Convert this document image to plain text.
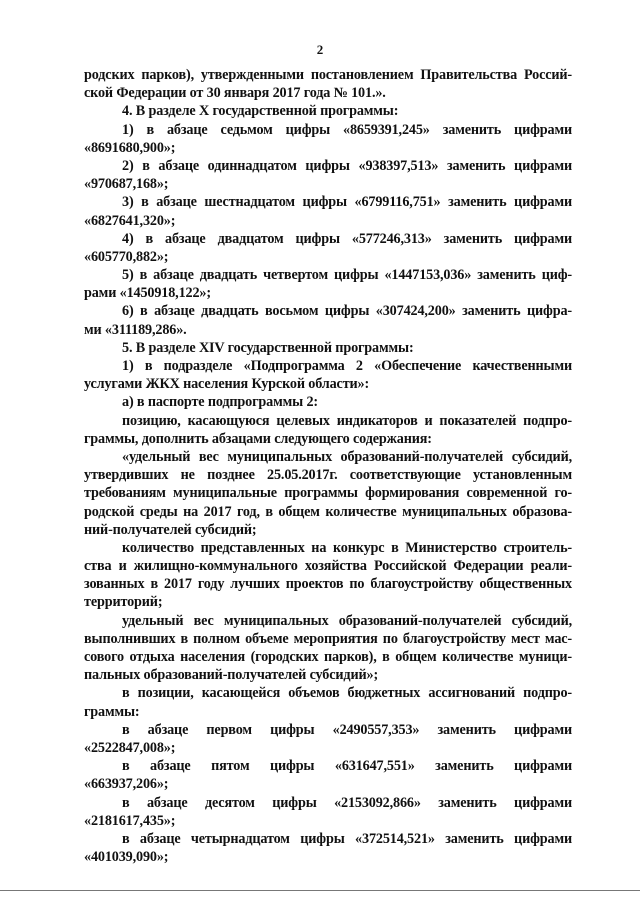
2
родских парков), утвержденными постановлением Правительства Россий-
ской Федерации от 30 января 2017 года № 101.».
4. В разделе X государственной программы:
1) в абзаце седьмом цифры «8659391,245» заменить цифрами
«8691680,900»;
2) в абзаце одиннадцатом цифры «938397,513» заменить цифрами
«970687,168»;
3) в абзаце шестнадцатом цифры «6799116,751» заменить цифрами
«6827641,320»;
4) в абзаце двадцатом цифры «577246,313» заменить цифрами
«605770,882»;
5) в абзаце двадцать четвертом цифры «1447153,036» заменить циф-
рами «1450918,122»;
6) в абзаце двадцать восьмом цифры «307424,200» заменить цифра-
ми «311189,286».
5. В разделе XIV государственной программы:
1) в подразделе «Подпрограмма 2 «Обеспечение качественными
услугами ЖКХ населения Курской области»:
а) в паспорте подпрограммы 2:
позицию, касающуюся целевых индикаторов и показателей подпро-
граммы, дополнить абзацами следующего содержания:
«удельный вес муниципальных образований-получателей субсидий,
утвердивших не позднее 25.05.2017г. соответствующие установленным
требованиям муниципальные программы формирования современной го-
родской среды на 2017 год, в общем количестве муниципальных образова-
ний-получателей субсидий;
количество представленных на конкурс в Министерство строитель-
ства и жилищно-коммунального хозяйства Российской Федерации реали-
зованных в 2017 году лучших проектов по благоустройству общественных
территорий;
удельный вес муниципальных образований-получателей субсидий,
выполнивших в полном объеме мероприятия по благоустройству мест мас-
сового отдыха населения (городских парков), в общем количестве муници-
пальных образований-получателей субсидий»;
в позиции, касающейся объемов бюджетных ассигнований подпро-
граммы:
в абзаце первом цифры «2490557,353» заменить цифрами
«2522847,008»;
в абзаце пятом цифры «631647,551» заменить цифрами
«663937,206»;
в абзаце десятом цифры «2153092,866» заменить цифрами
«2181617,435»;
в абзаце четырнадцатом цифры «372514,521» заменить цифрами
«401039,090»;
